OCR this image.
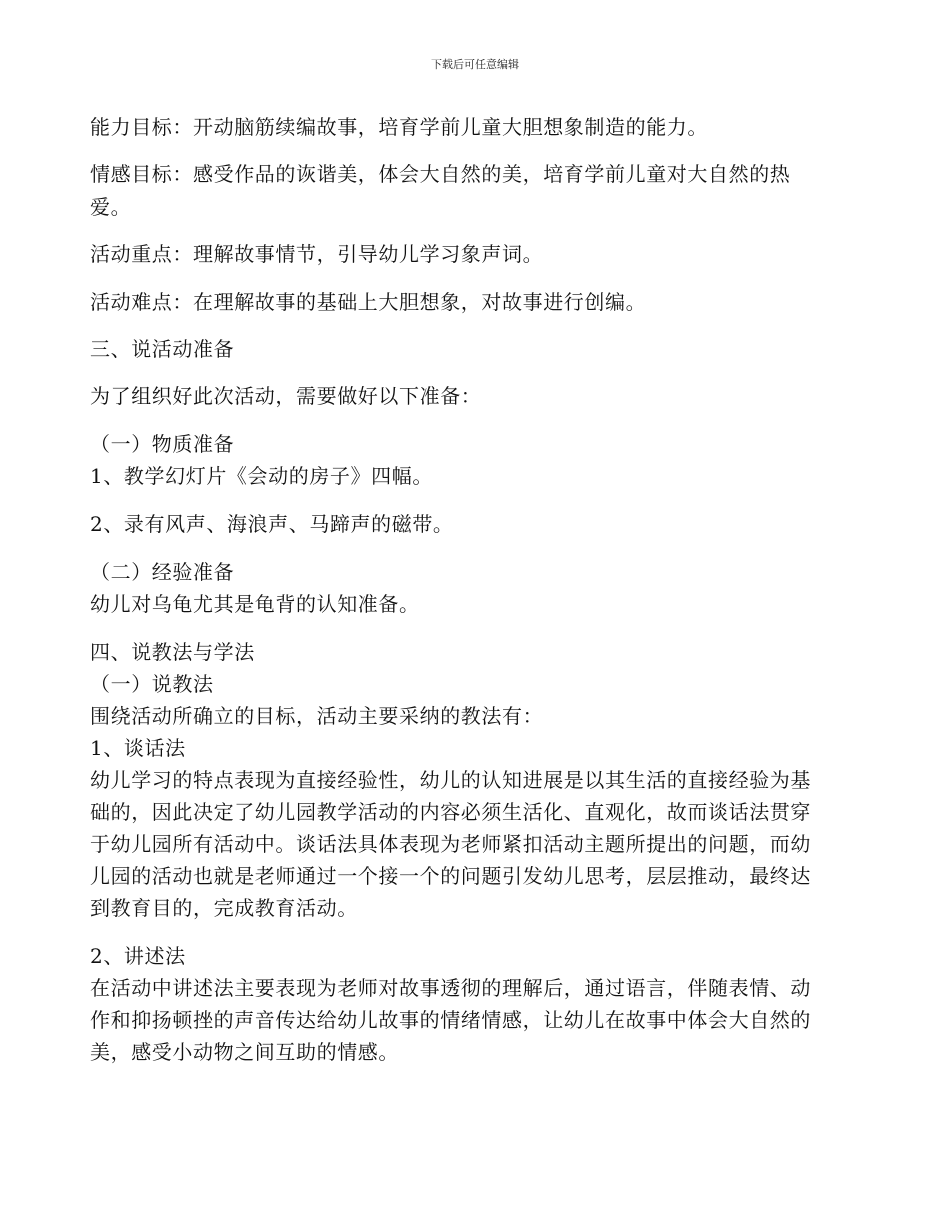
下载后可任意编辑
能力目标：开动脑筋续编故事，培育学前儿童大胆想象制造的能力。
情感目标：感受作品的诙谐美，体会大自然的美，培育学前儿童对大自然的热
爱。
活动重点：理解故事情节，引导幼儿学习象声词。
活动难点：在理解故事的基础上大胆想象，对故事进行创编。
三、说活动准备
为了组织好此次活动，需要做好以下准备：
（一）物质准备
1、教学幻灯片《会动的房子》四幅。
2、录有风声、海浪声、马蹄声的磁带。
（二）经验准备
幼儿对乌龟尤其是龟背的认知准备。
四、说教法与学法
（一）说教法
围绕活动所确立的目标，活动主要采纳的教法有：
1、谈话法
幼儿学习的特点表现为直接经验性，幼儿的认知进展是以其生活的直接经验为基
础的，因此决定了幼儿园教学活动的内容必须生活化、直观化，故而谈话法贯穿
于幼儿园所有活动中。谈话法具体表现为老师紧扣活动主题所提出的问题，而幼
儿园的活动也就是老师通过一个接一个的问题引发幼儿思考，层层推动，最终达
到教育目的，完成教育活动。
2、讲述法
在活动中讲述法主要表现为老师对故事透彻的理解后，通过语言，伴随表情、动
作和抑扬顿挫的声音传达给幼儿故事的情绪情感，让幼儿在故事中体会大自然的
美，感受小动物之间互助的情感。
